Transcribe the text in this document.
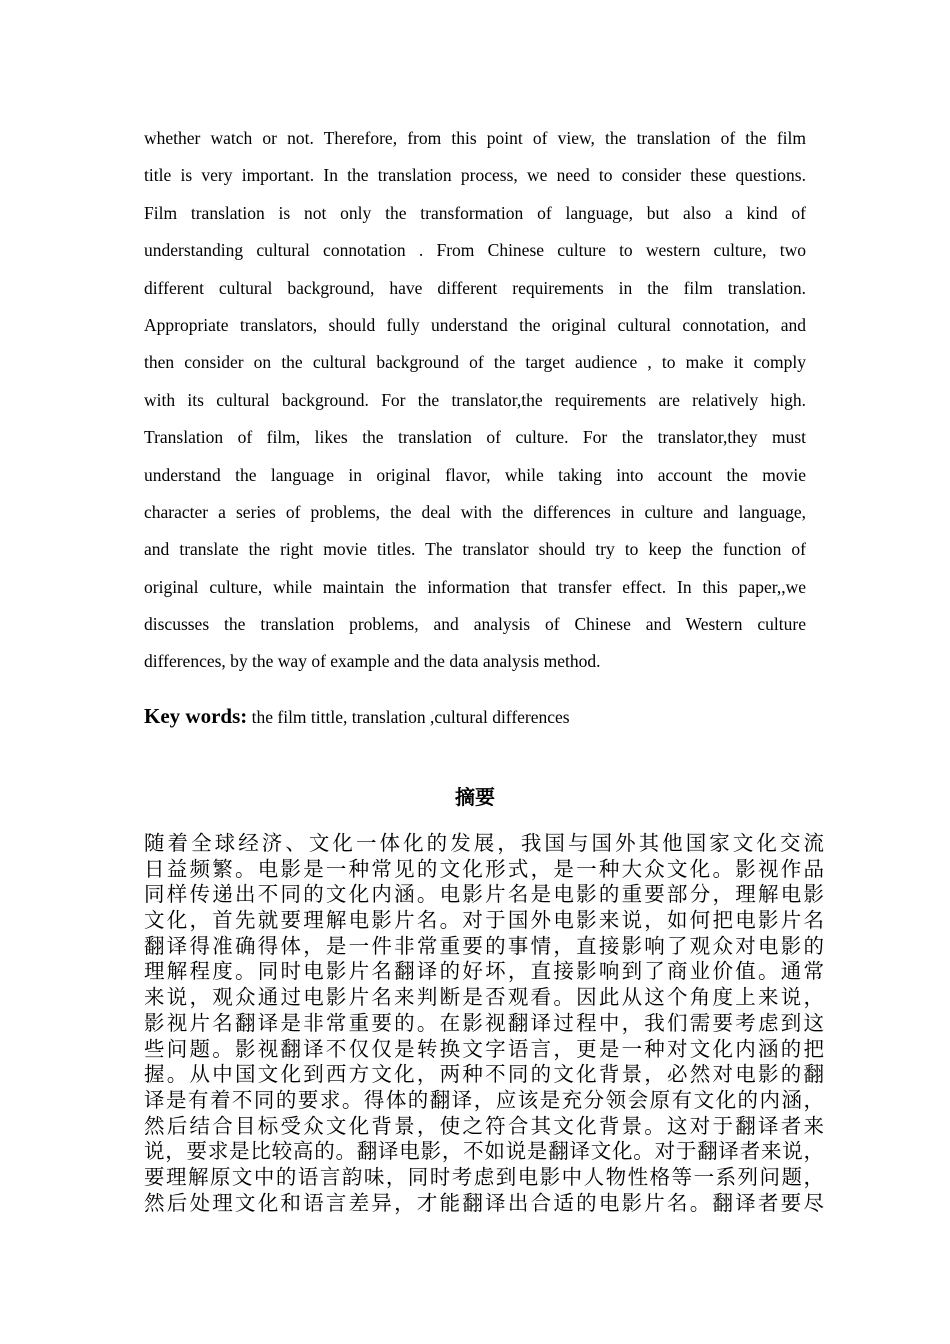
whether watch or not. Therefore, from this point of view, the translation of the film
title is very important. In the translation process, we need to consider these questions.
Film translation is not only the transformation of language, but also a kind of
understanding cultural connotation . From Chinese culture to western culture, two
different cultural background, have different requirements in the film translation.
Appropriate translators, should fully understand the original cultural connotation, and
then consider on the cultural background of the target audience , to make it comply
with its cultural background. For the translator,the requirements are relatively high.
Translation of film, likes the translation of culture. For the translator,they must
understand the language in original flavor, while taking into account the movie
character a series of problems, the deal with the differences in culture and language,
and translate the right movie titles. The translator should try to keep the function of
original culture, while maintain the information that transfer effect. In this paper,,we
discusses the translation problems, and analysis of Chinese and Western culture
differences, by the way of example and the data analysis method.
Key words: the film tittle, translation ,cultural differences
摘要
随着全球经济、文化一体化的发展，我国与国外其他国家文化交流
日益频繁。电影是一种常见的文化形式，是一种大众文化。影视作品
同样传递出不同的文化内涵。电影片名是电影的重要部分，理解电影
文化，首先就要理解电影片名。对于国外电影来说，如何把电影片名
翻译得准确得体，是一件非常重要的事情，直接影响了观众对电影的
理解程度。同时电影片名翻译的好坏，直接影响到了商业价值。通常
来说，观众通过电影片名来判断是否观看。因此从这个角度上来说，
影视片名翻译是非常重要的。在影视翻译过程中，我们需要考虑到这
些问题。影视翻译不仅仅是转换文字语言，更是一种对文化内涵的把
握。从中国文化到西方文化，两种不同的文化背景，必然对电影的翻
译是有着不同的要求。得体的翻译，应该是充分领会原有文化的内涵，
然后结合目标受众文化背景，使之符合其文化背景。这对于翻译者来
说，要求是比较高的。翻译电影，不如说是翻译文化。对于翻译者来说，
要理解原文中的语言韵味，同时考虑到电影中人物性格等一系列问题，
然后处理文化和语言差异，才能翻译出合适的电影片名。翻译者要尽
